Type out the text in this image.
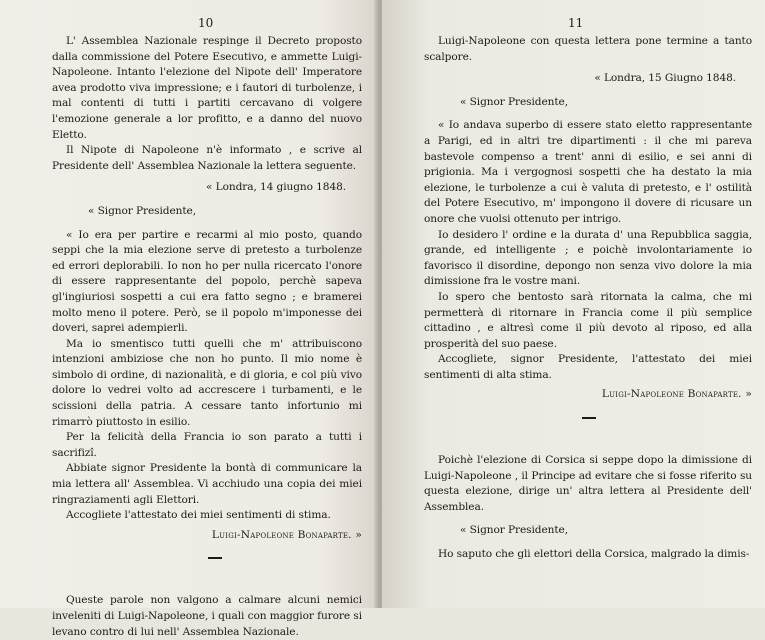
10

L' Assemblea Nazionale respinge il Decreto proposto dalla commissione del Potere Esecutivo, e ammette Luigi-Napoleone. Intanto l'elezione del Nipote dell' Imperatore avea prodotto viva impressione; e i fautori di turbolenze, i mal contenti di tutti i partiti cercavano di volgere l'emozione generale a lor profitto, e a danno del nuovo Eletto.

Il Nipote di Napoleone n'è informato , e scrive al Presidente dell' Assemblea Nazionale la lettera seguente.

« Londra, 14 giugno 1848.

« Signor Presidente,

« Io era per partire e recarmi al mio posto, quando seppi che la mia elezione serve di pretesto a turbolenze ed errori deplorabili. Io non ho per nulla ricercato l'onore di essere rappresentante del popolo, perchè sapeva gl'ingiuriosi sospetti a cui era fatto segno ; e bramerei molto meno il potere. Però, se il popolo m'imponesse dei doveri, saprei adempierli.

Ma io smentisco tutti quelli che m' attribuiscono intenzioni ambiziose che non ho punto. Il mio nome è simbolo di ordine, di nazionalità, e di gloria, e col più vivo dolore lo vedrei volto ad accrescere i turbamenti, e le scissioni della patria. A cessare tanto infortunio mi rimarrò piuttosto in esilio.

Per la felicità della Francia io son parato a tutti i sacrifizî.

Abbiate signor Presidente la bontà di communicare la mia lettera all' Assemblea. Vi acchiudo una copia dei miei ringraziamenti agli Elettori.

Accogliete l'attestato dei miei sentimenti di stima.

Luigi-Napoleone Bonaparte. »

Queste parole non valgono a calmare alcuni nemici inveleniti di Luigi-Napoleone, i quali con maggior furore si levano contro di lui nell' Assemblea Nazionale.

11

Luigi-Napoleone con questa lettera pone termine a tanto scalpore.

« Londra, 15 Giugno 1848.

« Signor Presidente,

« Io andava superbo di essere stato eletto rappresentante a Parigi, ed in altri tre dipartimenti : il che mi pareva bastevole compenso a trent' anni di esilio, e sei anni di prigionia. Ma i vergognosi sospetti che ha destato la mia elezione, le turbolenze a cui è valuta di pretesto, e l' ostilità del Potere Esecutivo, m' impongono il dovere di ricusare un onore che vuolsi ottenuto per intrigo.

Io desidero l' ordine e la durata d' una Repubblica saggia, grande, ed intelligente ; e poichè involontariamente io favorisco il disordine, depongo non senza vivo dolore la mia dimissione fra le vostre mani.

Io spero che bentosto sarà ritornata la calma, che mi permetterà di ritornare in Francia come il più semplice cittadino , e altresì come il più devoto al riposo, ed alla prosperità del suo paese.

Accogliete, signor Presidente, l'attestato dei miei sentimenti di alta stima.

Luigi-Napoleone Bonaparte. »

Poichè l'elezione di Corsica si seppe dopo la dimissione di Luigi-Napoleone , il Principe ad evitare che si fosse riferito su questa elezione, dirige un' altra lettera al Presidente dell' Assemblea.

« Signor Presidente,

Ho saputo che gli elettori della Corsica, malgrado la dimis-
